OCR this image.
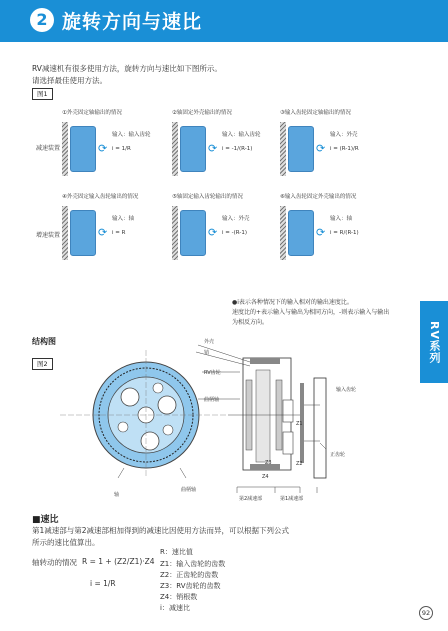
2 旋转方向与速比
RV减速机有很多使用方法，旋转方向与速比如下图所示。
请选择最佳使用方法。
图1
减速装置
增速装置
①外壳固定轴输出的情况
⟳
输入：输入齿轮
i = 1/R
②轴固定外壳输出的情况
⟳
输入：输入齿轮
i = -1/(R-1)
③输入齿轮固定轴输出的情况
⟳
输入：外壳
i = (R-1)/R
④外壳固定输入齿轮输出的情况
⟳
输入：轴
i = R
⑤轴固定输入齿轮输出的情况
⟳
输入：外壳
i = -(R-1)
⑥输入齿轮固定外壳输出的情况
⟳
输入：轴
i = R/(R-1)
●i表示各种情况下的输入相对的输出速度比。
速度比的+表示输入与输出为相同方向，-则表示输入与输出
为相反方向。	RV系列
结构图
图2
外壳
销
RV齿轮
曲柄轴
轴
曲柄轴
输入齿轮
正齿轮
Z1
Z2
Z3
Z4
第2减速部	第1减速部
■速比
第1减速部与第2减速部相加得到的减速比因使用方法而异，可以根据下列公式
所示的速比值算出。
轴转动的情况 R = 1 + (Z2/Z1)·Z4
i = 1/R
R：速比值
Z1：输入齿轮的齿数
Z2：正齿轮的齿数
Z3：RV齿轮的齿数
Z4：销根数
i：减速比
92
